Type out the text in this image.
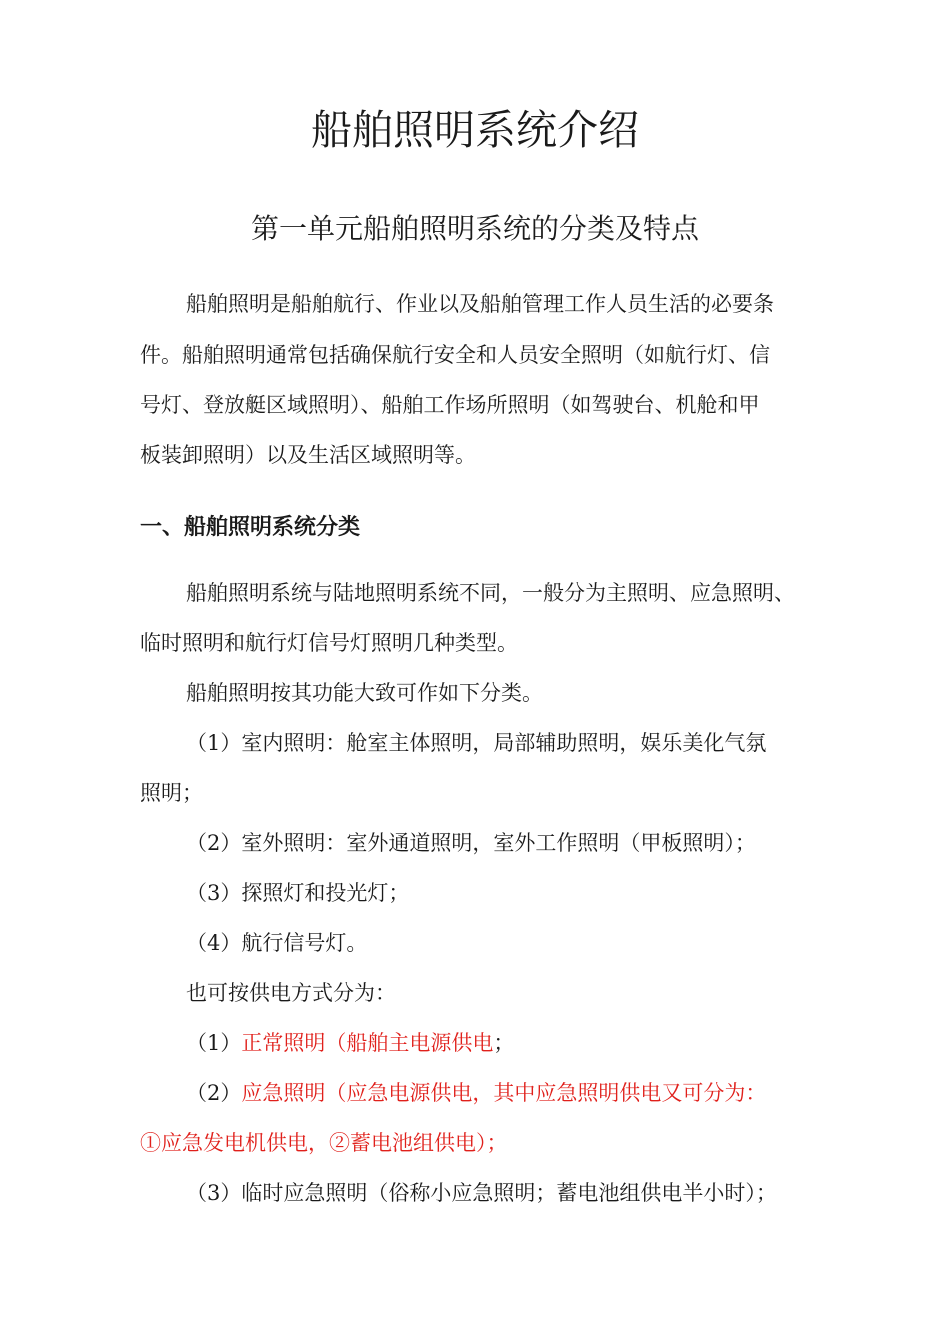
船舶照明系统介绍
第一单元船舶照明系统的分类及特点

船舶照明是船舶航行、作业以及船舶管理工作人员生活的必要条

件。船舶照明通常包括确保航行安全和人员安全照明（如航行灯、信

号灯、登放艇区域照明）、船舶工作场所照明（如驾驶台、机舱和甲

板装卸照明）以及生活区域照明等。

一、船舶照明系统分类

船舶照明系统与陆地照明系统不同，一般分为主照明、应急照明、

临时照明和航行灯信号灯照明几种类型。

船舶照明按其功能大致可作如下分类。

（1）室内照明：舱室主体照明，局部辅助照明，娱乐美化气氛

照明；

（2）室外照明：室外通道照明，室外工作照明（甲板照明）；

（3）探照灯和投光灯；

（4）航行信号灯。

也可按供电方式分为：

（1）正常照明（船舶主电源供电；

（2）应急照明（应急电源供电，其中应急照明供电又可分为：

①应急发电机供电，②蓄电池组供电）；

（3）临时应急照明（俗称小应急照明；蓄电池组供电半小时）；
